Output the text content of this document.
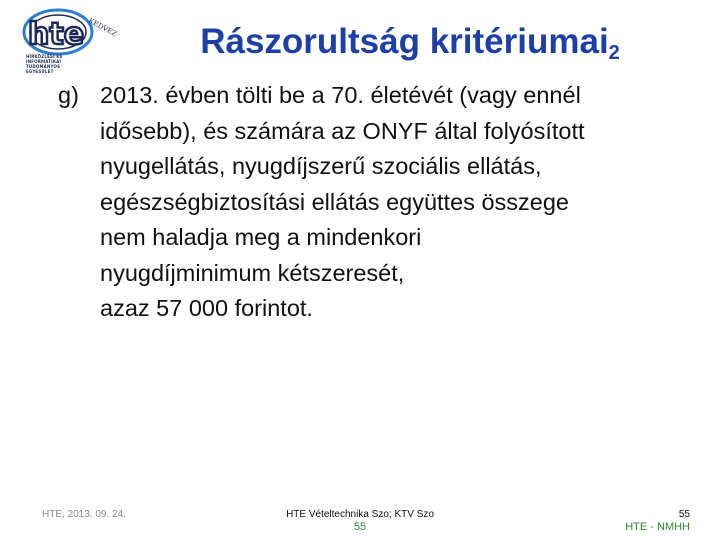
hte KEDVEZ
HÍRKÖZLÉSI ÉS
INFORMATIKAI
TUDOMÁNYOS
EGYESÜLET
Rászorultság kritériumai$_2$
g) 2013. évben tölti be a 70. életévét (vagy ennél
idősebb), és számára az ONYF által folyósított
nyugellátás, nyugdíjszerű szociális ellátás,
egészségbiztosítási ellátás együttes összege
nem haladja meg a mindenkori
nyugdíjminimum kétszeresét,
azaz 57 000 forintot.
HTE, 2013. 09. 24.	HTE Vételtechnika Szo; KTV Szo
55
55
HTE - NMHH
